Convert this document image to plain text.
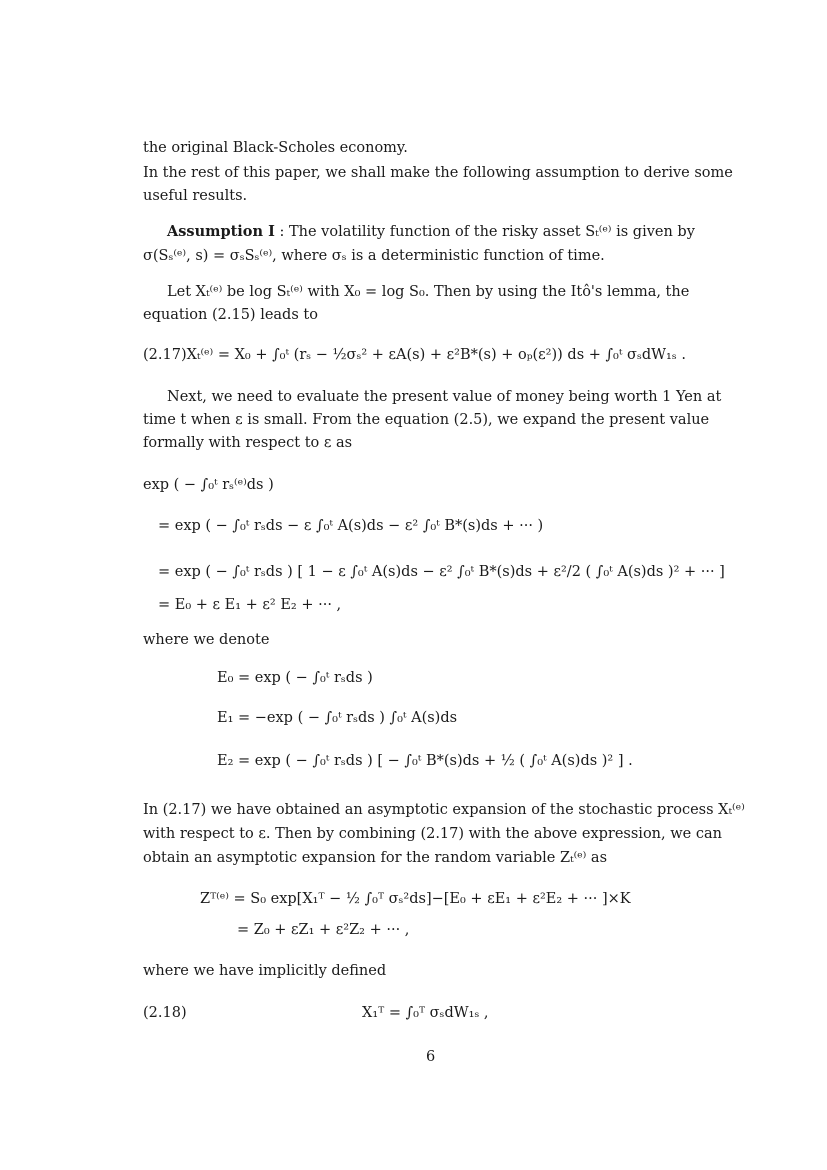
the original Black-Scholes economy.
In the rest of this paper, we shall make the following assumption to derive some
useful results.
Assumption I : The volatility function of the risky asset Sₜ⁽ᵉ⁾ is given by
σ(Sₛ⁽ᵉ⁾, s) = σₛSₛ⁽ᵉ⁾, where σₛ is a deterministic function of time.
Let Xₜ⁽ᵉ⁾ be log Sₜ⁽ᵉ⁾ with X₀ = log S₀. Then by using the Itô's lemma, the
equation (2.15) leads to
(2.17)Xₜ⁽ᵉ⁾ = X₀ + ∫₀ᵗ (rₛ − ½σₛ² + εA(s) + ε²B*(s) + oₚ(ε²)) ds + ∫₀ᵗ σₛdW₁ₛ .
Next, we need to evaluate the present value of money being worth 1 Yen at
time t when ε is small. From the equation (2.5), we expand the present value
formally with respect to ε as
exp ( − ∫₀ᵗ rₛ⁽ᵉ⁾ds )
= exp ( − ∫₀ᵗ rₛds − ε ∫₀ᵗ A(s)ds − ε² ∫₀ᵗ B*(s)ds + ··· )
= exp ( − ∫₀ᵗ rₛds ) [ 1 − ε ∫₀ᵗ A(s)ds − ε² ∫₀ᵗ B*(s)ds + ε²/2 ( ∫₀ᵗ A(s)ds )² + ··· ]
= E₀ + ε E₁ + ε² E₂ + ··· ,
where we denote
E₀ = exp ( − ∫₀ᵗ rₛds )
E₁ = −exp ( − ∫₀ᵗ rₛds ) ∫₀ᵗ A(s)ds
E₂ = exp ( − ∫₀ᵗ rₛds ) [ − ∫₀ᵗ B*(s)ds + ½ ( ∫₀ᵗ A(s)ds )² ] .
In (2.17) we have obtained an asymptotic expansion of the stochastic process Xₜ⁽ᵉ⁾
with respect to ε. Then by combining (2.17) with the above expression, we can
obtain an asymptotic expansion for the random variable Zₜ⁽ᵉ⁾ as
Zᵀ⁽ᵉ⁾ = S₀ exp[X₁ᵀ − ½ ∫₀ᵀ σₛ²ds]−[E₀ + εE₁ + ε²E₂ + ··· ]×K
= Z₀ + εZ₁ + ε²Z₂ + ··· ,
where we have implicitly defined
(2.18)	X₁ᵀ = ∫₀ᵀ σₛdW₁ₛ ,
6
